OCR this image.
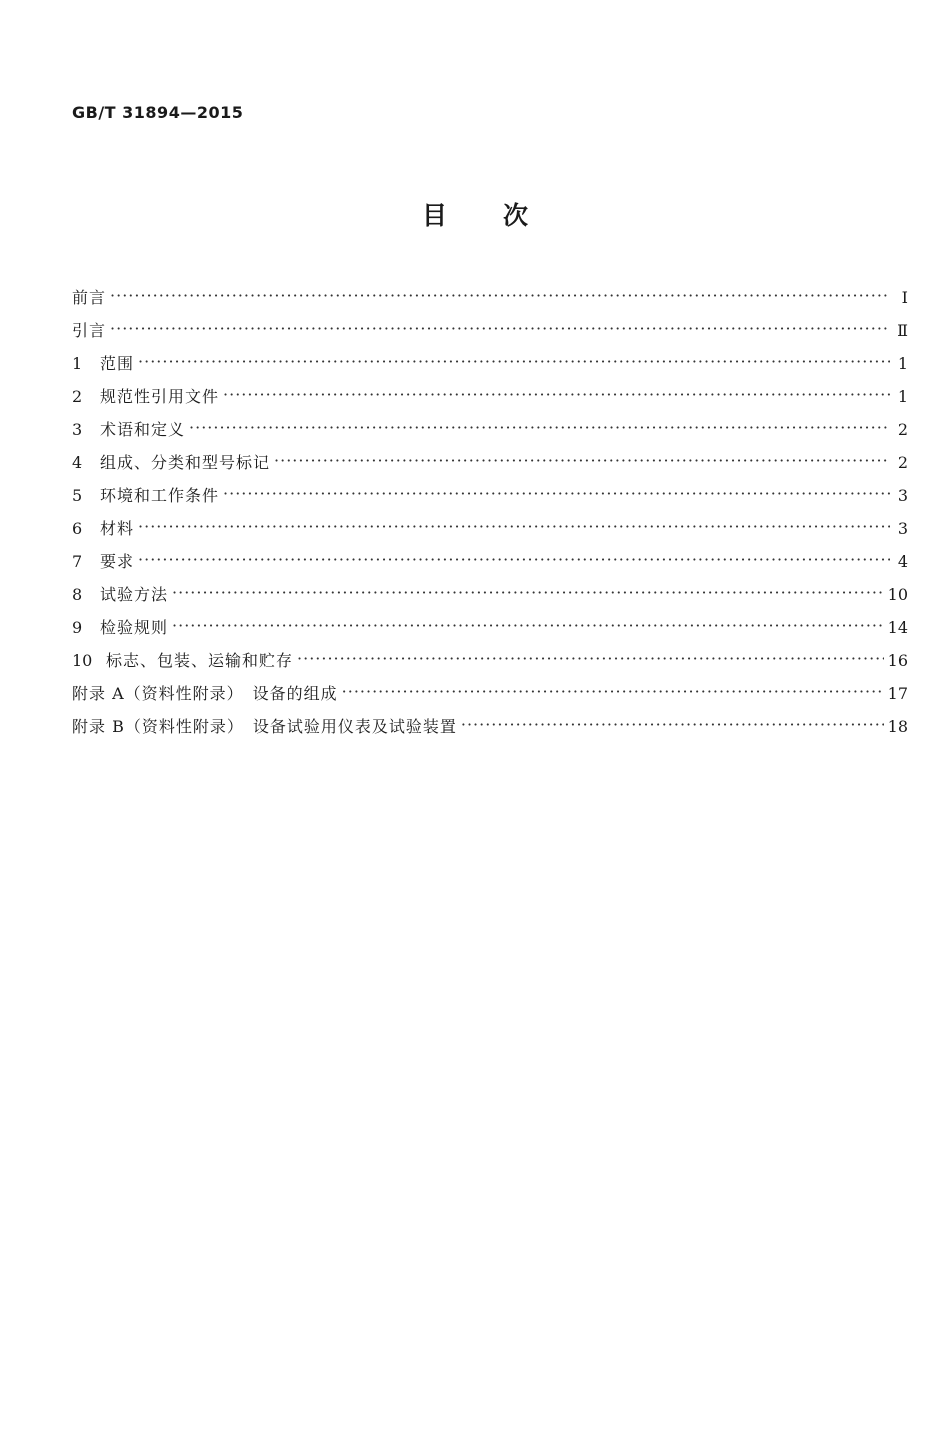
GB/T 31894—2015
目次
前言 ·····	Ⅰ
引言 ·····	Ⅱ
1	范围 ·····	1
2	规范性引用文件 ·····	1
3	术语和定义 ·····	2
4	组成、分类和型号标记 ·····	2
5	环境和工作条件 ·····	3
6	材料 ·····	3
7	要求 ·····	4
8	试验方法 ·····	10
9	检验规则 ·····	14
10 标志、包装、运输和贮存 ·····	16
附录 A（资料性附录）　设备的组成 ·····	17
附录 B（资料性附录）　设备试验用仪表及试验装置 ·····	18
